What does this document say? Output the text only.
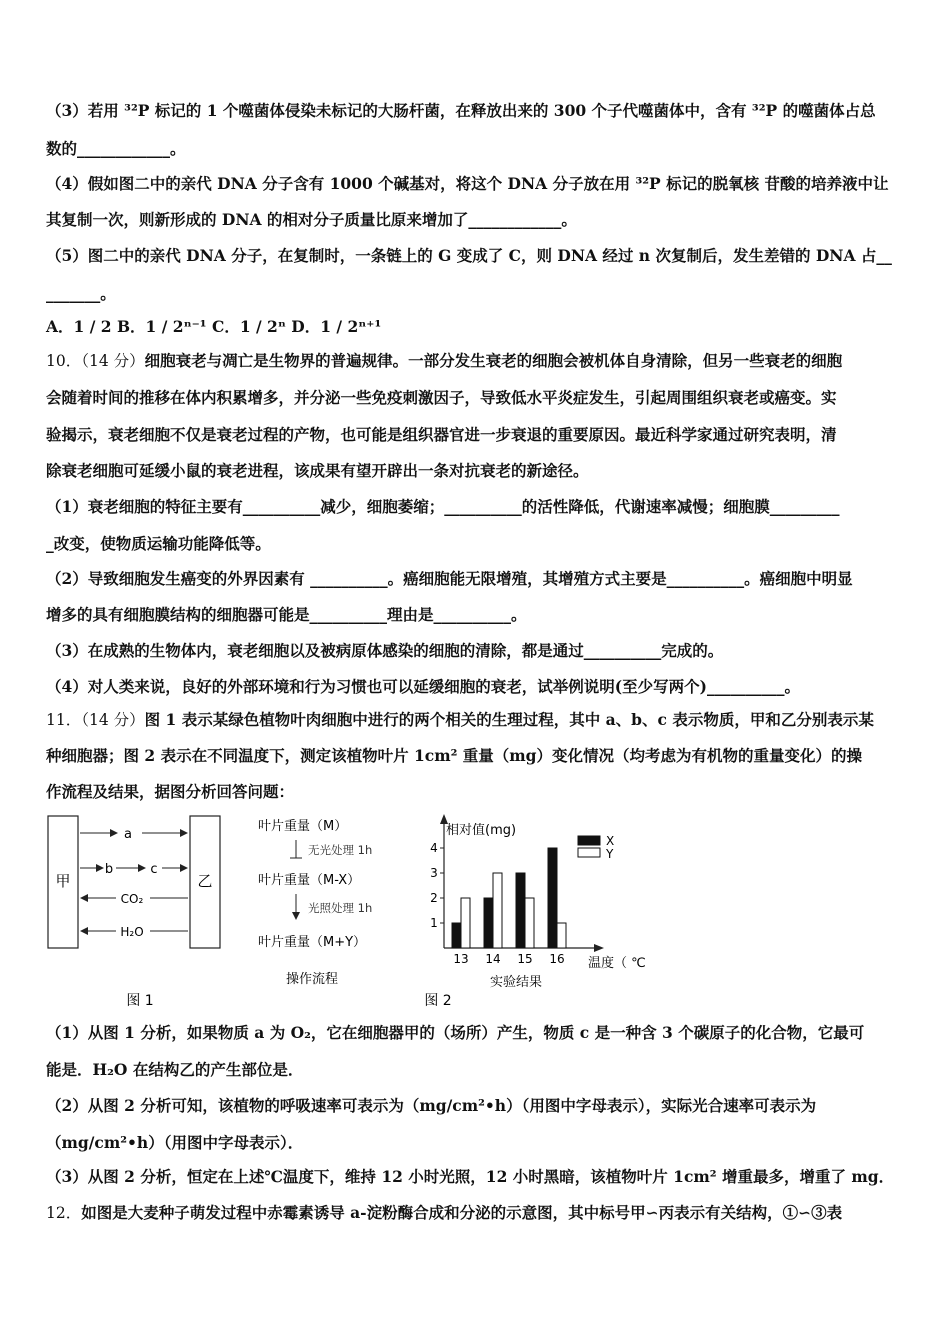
（3）若用 ³²P 标记的 1 个噬菌体侵染未标记的大肠杆菌，在释放出来的 300 个子代噬菌体中，含有 ³²P 的噬菌体占总
数的____________。
（4）假如图二中的亲代 DNA 分子含有 1000 个碱基对，将这个 DNA 分子放在用 ³²P 标记的脱氧核 苷酸的培养液中让
其复制一次，则新形成的 DNA 的相对分子质量比原来增加了____________。
（5）图二中的亲代 DNA 分子，在复制时，一条链上的 G 变成了 C，则 DNA 经过 n 次复制后，发生差错的 DNA 占__
_______。
A．1 / 2 B．1 / 2ⁿ⁻¹ C．1 / 2ⁿ D．1 / 2ⁿ⁺¹
10．（14 分）细胞衰老与凋亡是生物界的普遍规律。一部分发生衰老的细胞会被机体自身清除，但另一些衰老的细胞
会随着时间的推移在体内积累增多，并分泌一些免疫刺激因子，导致低水平炎症发生，引起周围组织衰老或癌变。实
验揭示，衰老细胞不仅是衰老过程的产物，也可能是组织器官进一步衰退的重要原因。最近科学家通过研究表明，清
除衰老细胞可延缓小鼠的衰老进程，该成果有望开辟出一条对抗衰老的新途径。
（1）衰老细胞的特征主要有__________减少，细胞萎缩；__________的活性降低，代谢速率减慢；细胞膜_________
_改变，使物质运输功能降低等。
（2）导致细胞发生癌变的外界因素有 __________。癌细胞能无限增殖，其增殖方式主要是__________。癌细胞中明显
增多的具有细胞膜结构的细胞器可能是__________理由是__________。
（3）在成熟的生物体内，衰老细胞以及被病原体感染的细胞的清除，都是通过__________完成的。
（4）对人类来说，良好的外部环境和行为习惯也可以延缓细胞的衰老，试举例说明(至少写两个)__________。
11．（14 分）图 1 表示某绿色植物叶肉细胞中进行的两个相关的生理过程，其中 a、b、c 表示物质，甲和乙分别表示某
种细胞器；图 2 表示在不同温度下，测定该植物叶片 1cm² 重量（mg）变化情况（均考虑为有机物的重量变化）的操
作流程及结果，据图分析回答问题：
甲	乙
a
b	c
CO₂
H₂O
图 1
叶片重量（M）
无光处理 1h
叶片重量（M-X）
光照处理 1h
叶片重量（M+Y）
操作流程
相对值(mg)
温度（ ℃
1
2
3
4
13 14 15 16
X
Y
图 2
实验结果
（1）从图 1 分析，如果物质 a 为 O₂，它在细胞器甲的（场所）产生，物质 c 是一种含 3 个碳原子的化合物，它最可
能是．H₂O 在结构乙的产生部位是．
（2）从图 2 分析可知，该植物的呼吸速率可表示为（mg/cm²•h）（用图中字母表示），实际光合速率可表示为
（mg/cm²•h）（用图中字母表示）．
（3）从图 2 分析，恒定在上述℃温度下，维持 12 小时光照，12 小时黑暗，该植物叶片 1cm² 增重最多，增重了 mg．
12．如图是大麦种子萌发过程中赤霉素诱导 a-淀粉酶合成和分泌的示意图，其中标号甲∽丙表示有关结构，①∽③表
